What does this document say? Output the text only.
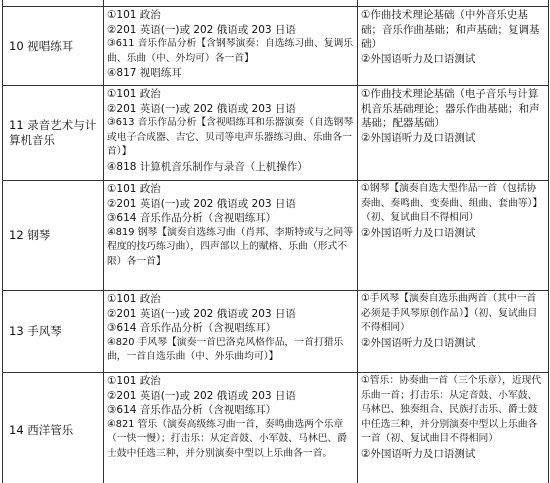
10 视唱练耳	①101 政治
②201 英语(一)或 202 俄语或 203 日语
③611 音乐作品分析【含钢琴演奏：自选练习曲、复调乐曲、乐曲（中、外均可）各一首】
④817 视唱练耳	①作曲技术理论基础（中外音乐史基础；音乐作曲基础；和声基础；复调基础）
②外国语听力及口语测试

11 录音艺术与计算机音乐	①101 政治
②201 英语(一)或 202 俄语或 203 日语
③613 音乐作品分析【含视唱练耳和乐器演奏（自选钢琴或电子合成器、吉它、贝司等电声乐器练习曲、乐曲各一首）】
④818 计算机音乐制作与录音（上机操作）	①作曲技术理论基础（电子音乐与计算机音乐基础理论；器乐作曲基础；和声基础；配器基础）
②外国语听力及口语测试

12 钢琴	①101 政治
②201 英语(一)或 202 俄语或 203 日语
③614 音乐作品分析（含视唱练耳）
④819 钢琴【演奏自选练习曲（肖邦、李斯特或与之同等程度的技巧练习曲），四声部以上的赋格、乐曲（形式不限）各一首】	①钢琴【演奏自选大型作品一首（包括协奏曲、奏鸣曲、变奏曲、组曲、套曲等）】（初、复试曲目不得相同）
②外国语听力及口语测试

13 手风琴	①101 政治
②201 英语(一)或 202 俄语或 203 日语
③614 音乐作品分析（含视唱练耳）
④820 手风琴【演奏一首巴洛克风格作品，一首打猎乐曲，一首自选乐曲（中、外乐曲均可）】	①手风琴【演奏自选乐曲两首（其中一首必须是手风琴原创作品）】（初、复试曲目不得相同）
②外国语听力及口语测试

14 西洋管乐	①101 政治
②201 英语(一)或 202 俄语或 203 日语
③614 音乐作品分析（含视唱练耳）
④821 管乐（演奏高级练习曲一首，奏鸣曲选两个乐章（一快一慢）；打击乐：从定音鼓、小军鼓、马林巴、爵士鼓中任选三种，并分别演奏中型以上乐曲各一首。	①管乐：协奏曲一首（三个乐章），近现代乐曲一首；打击乐：从定音鼓、小军鼓、马林巴、独奏组合、民族打击乐、爵士鼓中任选三种，并分别演奏中型以上乐曲各一首（初、复试曲目不得相同）
②外国语听力及口语测试
